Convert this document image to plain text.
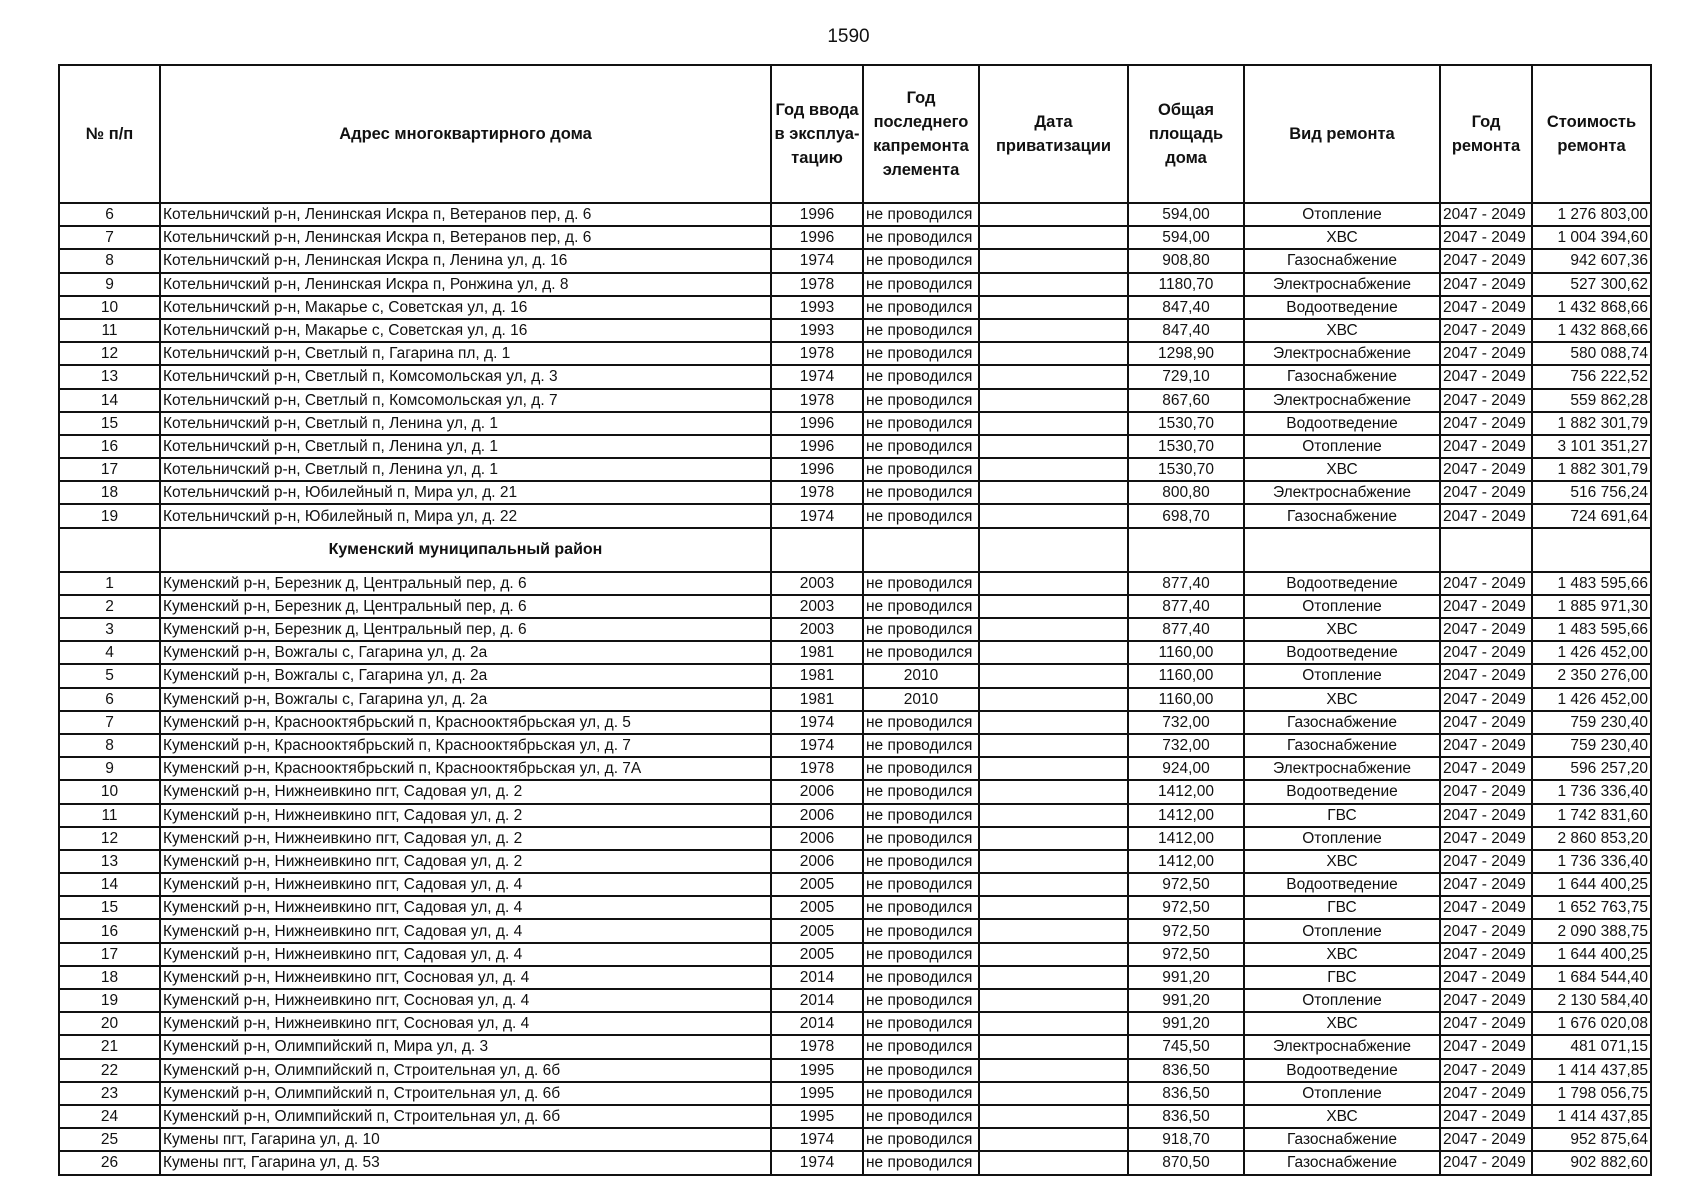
1590
№ п/п	Адрес многоквартирного дома	Год ввода в эксплуа-тацию	Год последнего капремонта элемента	Дата приватизации	Общая площадь дома	Вид ремонта	Год ремонта	Стоимость ремонта
6	Котельничский р-н, Ленинская Искра п, Ветеранов пер, д. 6	1996	не проводился		594,00	Отопление	2047 - 2049	1 276 803,00
7	Котельничский р-н, Ленинская Искра п, Ветеранов пер, д. 6	1996	не проводился		594,00	ХВС	2047 - 2049	1 004 394,60
8	Котельничский р-н, Ленинская Искра п, Ленина ул, д. 16	1974	не проводился		908,80	Газоснабжение	2047 - 2049	942 607,36
9	Котельничский р-н, Ленинская Искра п, Ронжина ул, д. 8	1978	не проводился		1180,70	Электроснабжение	2047 - 2049	527 300,62
10	Котельничский р-н, Макарье с, Советская ул, д. 16	1993	не проводился		847,40	Водоотведение	2047 - 2049	1 432 868,66
11	Котельничский р-н, Макарье с, Советская ул, д. 16	1993	не проводился		847,40	ХВС	2047 - 2049	1 432 868,66
12	Котельничский р-н, Светлый п, Гагарина пл, д. 1	1978	не проводился		1298,90	Электроснабжение	2047 - 2049	580 088,74
13	Котельничский р-н, Светлый п, Комсомольская ул, д. 3	1974	не проводился		729,10	Газоснабжение	2047 - 2049	756 222,52
14	Котельничский р-н, Светлый п, Комсомольская ул, д. 7	1978	не проводился		867,60	Электроснабжение	2047 - 2049	559 862,28
15	Котельничский р-н, Светлый п, Ленина ул, д. 1	1996	не проводился		1530,70	Водоотведение	2047 - 2049	1 882 301,79
16	Котельничский р-н, Светлый п, Ленина ул, д. 1	1996	не проводился		1530,70	Отопление	2047 - 2049	3 101 351,27
17	Котельничский р-н, Светлый п, Ленина ул, д. 1	1996	не проводился		1530,70	ХВС	2047 - 2049	1 882 301,79
18	Котельничский р-н, Юбилейный п, Мира ул, д. 21	1978	не проводился		800,80	Электроснабжение	2047 - 2049	516 756,24
19	Котельничский р-н, Юбилейный п, Мира ул, д. 22	1974	не проводился		698,70	Газоснабжение	2047 - 2049	724 691,64
	Куменский муниципальный район							
1	Куменский р-н, Березник д, Центральный пер, д. 6	2003	не проводился		877,40	Водоотведение	2047 - 2049	1 483 595,66
2	Куменский р-н, Березник д, Центральный пер, д. 6	2003	не проводился		877,40	Отопление	2047 - 2049	1 885 971,30
3	Куменский р-н, Березник д, Центральный пер, д. 6	2003	не проводился		877,40	ХВС	2047 - 2049	1 483 595,66
4	Куменский р-н, Вожгалы с, Гагарина ул, д. 2а	1981	не проводился		1160,00	Водоотведение	2047 - 2049	1 426 452,00
5	Куменский р-н, Вожгалы с, Гагарина ул, д. 2а	1981	2010		1160,00	Отопление	2047 - 2049	2 350 276,00
6	Куменский р-н, Вожгалы с, Гагарина ул, д. 2а	1981	2010		1160,00	ХВС	2047 - 2049	1 426 452,00
7	Куменский р-н, Краснооктябрьский п, Краснооктябрьская ул, д. 5	1974	не проводился		732,00	Газоснабжение	2047 - 2049	759 230,40
8	Куменский р-н, Краснооктябрьский п, Краснооктябрьская ул, д. 7	1974	не проводился		732,00	Газоснабжение	2047 - 2049	759 230,40
9	Куменский р-н, Краснооктябрьский п, Краснооктябрьская ул, д. 7А	1978	не проводился		924,00	Электроснабжение	2047 - 2049	596 257,20
10	Куменский р-н, Нижнеивкино пгт, Садовая ул, д. 2	2006	не проводился		1412,00	Водоотведение	2047 - 2049	1 736 336,40
11	Куменский р-н, Нижнеивкино пгт, Садовая ул, д. 2	2006	не проводился		1412,00	ГВС	2047 - 2049	1 742 831,60
12	Куменский р-н, Нижнеивкино пгт, Садовая ул, д. 2	2006	не проводился		1412,00	Отопление	2047 - 2049	2 860 853,20
13	Куменский р-н, Нижнеивкино пгт, Садовая ул, д. 2	2006	не проводился		1412,00	ХВС	2047 - 2049	1 736 336,40
14	Куменский р-н, Нижнеивкино пгт, Садовая ул, д. 4	2005	не проводился		972,50	Водоотведение	2047 - 2049	1 644 400,25
15	Куменский р-н, Нижнеивкино пгт, Садовая ул, д. 4	2005	не проводился		972,50	ГВС	2047 - 2049	1 652 763,75
16	Куменский р-н, Нижнеивкино пгт, Садовая ул, д. 4	2005	не проводился		972,50	Отопление	2047 - 2049	2 090 388,75
17	Куменский р-н, Нижнеивкино пгт, Садовая ул, д. 4	2005	не проводился		972,50	ХВС	2047 - 2049	1 644 400,25
18	Куменский р-н, Нижнеивкино пгт, Сосновая ул, д. 4	2014	не проводился		991,20	ГВС	2047 - 2049	1 684 544,40
19	Куменский р-н, Нижнеивкино пгт, Сосновая ул, д. 4	2014	не проводился		991,20	Отопление	2047 - 2049	2 130 584,40
20	Куменский р-н, Нижнеивкино пгт, Сосновая ул, д. 4	2014	не проводился		991,20	ХВС	2047 - 2049	1 676 020,08
21	Куменский р-н, Олимпийский п, Мира ул, д. 3	1978	не проводился		745,50	Электроснабжение	2047 - 2049	481 071,15
22	Куменский р-н, Олимпийский п, Строительная ул, д. 6б	1995	не проводился		836,50	Водоотведение	2047 - 2049	1 414 437,85
23	Куменский р-н, Олимпийский п, Строительная ул, д. 6б	1995	не проводился		836,50	Отопление	2047 - 2049	1 798 056,75
24	Куменский р-н, Олимпийский п, Строительная ул, д. 6б	1995	не проводился		836,50	ХВС	2047 - 2049	1 414 437,85
25	Кумены пгт, Гагарина ул, д. 10	1974	не проводился		918,70	Газоснабжение	2047 - 2049	952 875,64
26	Кумены пгт, Гагарина ул, д. 53	1974	не проводился		870,50	Газоснабжение	2047 - 2049	902 882,60
